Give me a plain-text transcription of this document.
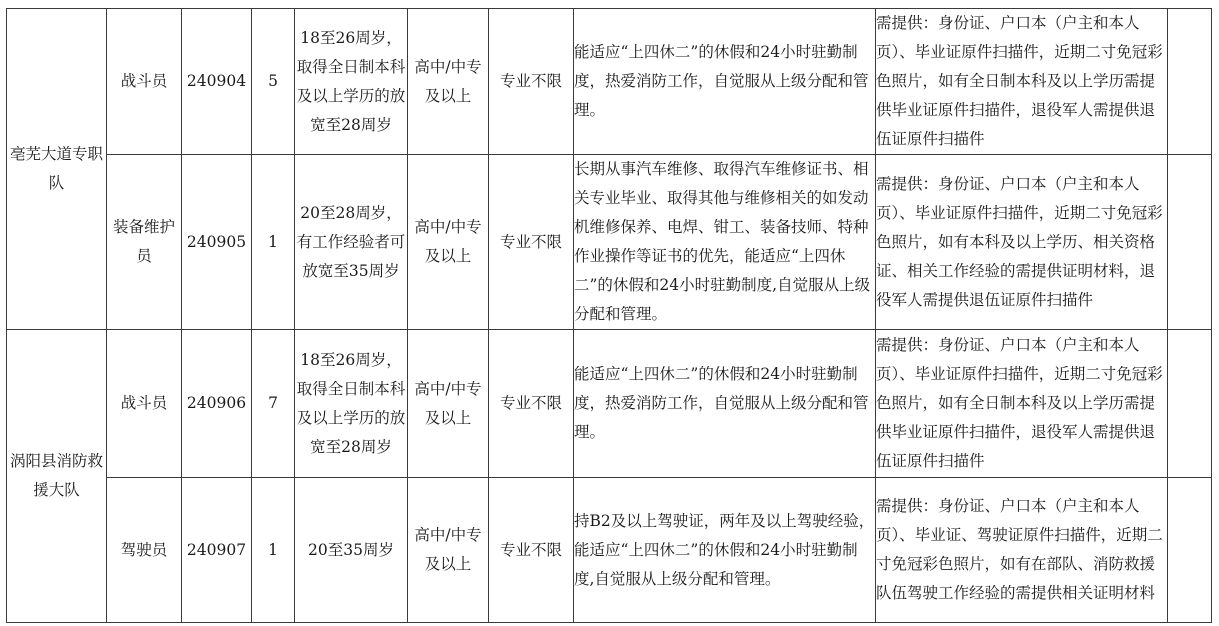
亳芜大道专职队	战斗员	240904	5	18至26周岁，取得全日制本科及以上学历的放宽至28周岁	高中/中专及以上	专业不限	能适应“上四休二”的休假和24小时驻勤制度，热爱消防工作，自觉服从上级分配和管理。	需提供：身份证、户口本（户主和本人页）、毕业证原件扫描件，近期二寸免冠彩色照片，如有全日制本科及以上学历需提供毕业证原件扫描件，退役军人需提供退伍证原件扫描件	

	装备维护员	240905	1	20至28周岁，有工作经验者可放宽至35周岁	高中/中专及以上	专业不限	长期从事汽车维修、取得汽车维修证书、相关专业毕业、取得其他与维修相关的如发动机维修保养、电焊、钳工、装备技师、特种作业操作等证书的优先，能适应“上四休二”的休假和24小时驻勤制度,自觉服从上级分配和管理。	需提供：身份证、户口本（户主和本人页）、毕业证原件扫描件，近期二寸免冠彩色照片，如有本科及以上学历、相关资格证、相关工作经验的需提供证明材料，退役军人需提供退伍证原件扫描件	

涡阳县消防救援大队	战斗员	240906	7	18至26周岁，取得全日制本科及以上学历的放宽至28周岁	高中/中专及以上	专业不限	能适应“上四休二”的休假和24小时驻勤制度，热爱消防工作，自觉服从上级分配和管理。	需提供：身份证、户口本（户主和本人页）、毕业证原件扫描件，近期二寸免冠彩色照片，如有全日制本科及以上学历需提供毕业证原件扫描件，退役军人需提供退伍证原件扫描件	

	驾驶员	240907	1	20至35周岁	高中/中专及以上	专业不限	持B2及以上驾驶证，两年及以上驾驶经验，能适应“上四休二”的休假和24小时驻勤制度,自觉服从上级分配和管理。	需提供：身份证、户口本（户主和本人页）、毕业证、驾驶证原件扫描件，近期二寸免冠彩色照片，如有在部队、消防救援队伍驾驶工作经验的需提供相关证明材料	
